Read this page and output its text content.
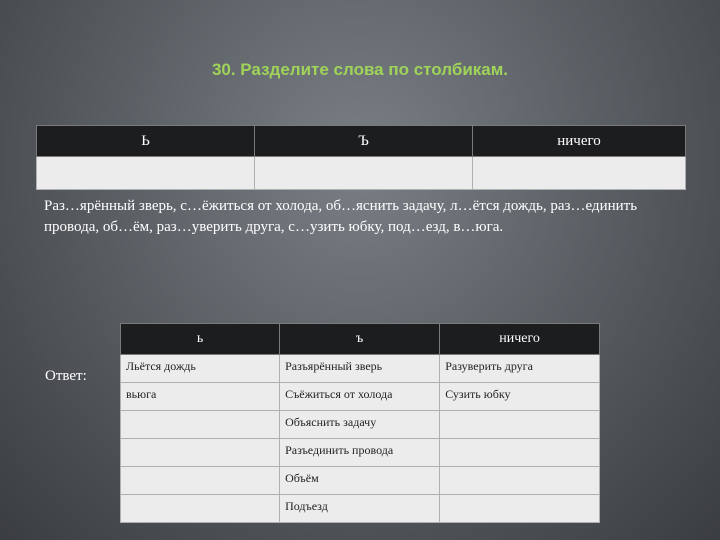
30. Разделите слова по столбикам.
Ь	Ъ	ничего

Раз…ярённый зверь, с…ёжиться от холода, об…яснить задачу, л…ётся дождь, раз…единить провода, об…ём, раз…уверить друга, с…узить юбку, под…езд, в…юга.
Ответ:
ь	ъ	ничего
Льётся дождь	Разъярённый зверь	Разуверить друга
вьюга	Съёжиться от холода	Сузить юбку
	Объяснить задачу	
	Разъединить провода	
	Объём	
	Подъезд	
